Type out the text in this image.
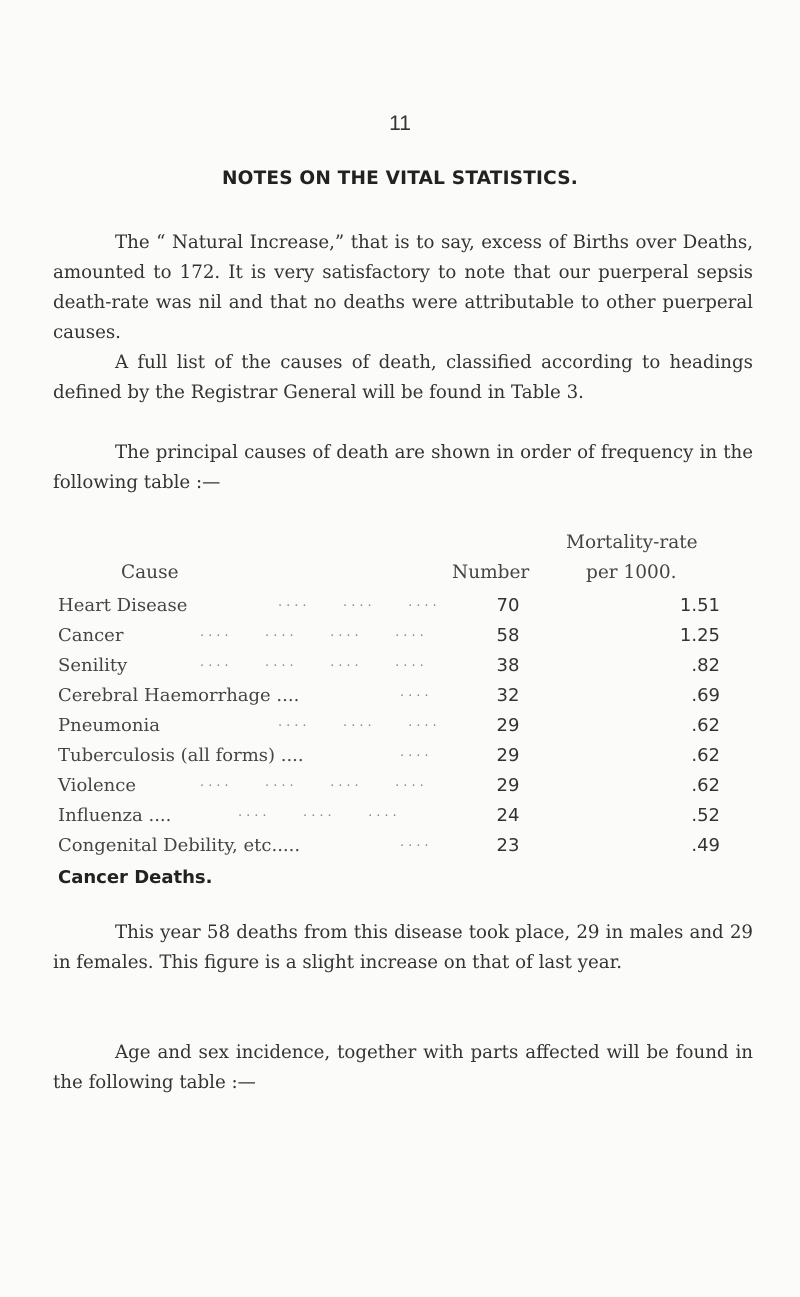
11
NOTES ON THE VITAL STATISTICS.

The “ Natural Increase,” that is to say, excess of Births over Deaths, amounted to 172. It is very satisfactory to note that our puerperal sepsis death-rate was nil and that no deaths were attributable to other puerperal causes.

A full list of the causes of death, classified according to headings defined by the Registrar General will be found in Table 3.

The principal causes of death are shown in order of frequency in the following table :—

Mortality-rate
Cause	Number	per 1000.
Heart Disease	....    ....    ....	70	1.51
Cancer	....    ....    ....    ....	58	1.25
Senility	....    ....    ....    ....	38	.82
Cerebral Haemorrhage ....	....	32	.69
Pneumonia	....    ....    ....	29	.62
Tuberculosis (all forms) ....	....	29	.62
Violence	....    ....    ....    ....	29	.62
Influenza ....	....    ....    ....	24	.52
Congenital Debility, etc.....	....	23	.49
Cancer Deaths.

This year 58 deaths from this disease took place, 29 in males and 29 in females. This figure is a slight increase on that of last year.

Age and sex incidence, together with parts affected will be found in the following table :—
